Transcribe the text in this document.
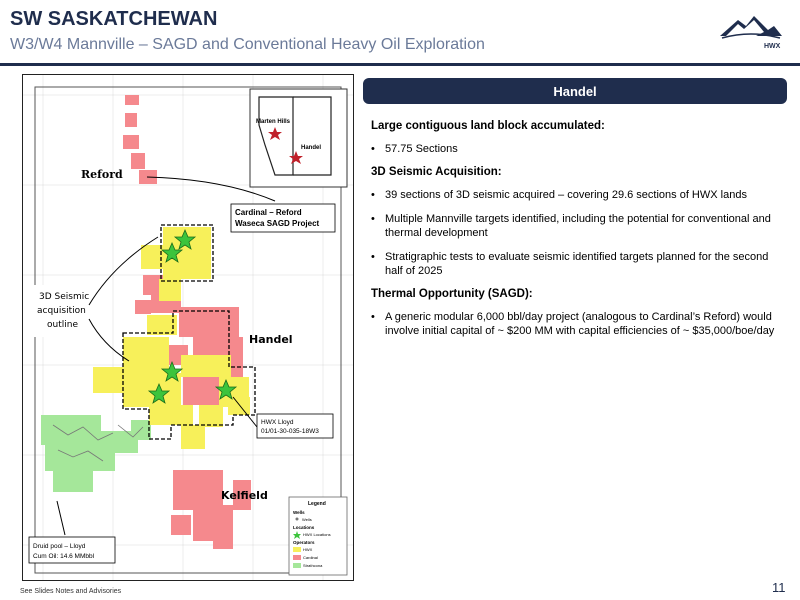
SW SASKATCHEWAN
W3/W4 Mannville – SAGD and Conventional Heavy Oil Exploration	HWX
Marten Hills
Handel
Reford
Handel
Kelfield
3D Seismic
acquisition
outline
Cardinal – Reford
Waseca SAGD Project
HWX Lloyd
01/01-30-035-18W3
Druid pool – Lloyd
Cum Oil: 14.6 MMbbl
Legend
Wells
Wells
Locations
HWX Locations
Operators
HWX
Cardinal
Strathcona
Handel
Large contiguous land block accumulated:
• 57.75 Sections
3D Seismic Acquisition:
• 39 sections of 3D seismic acquired – covering 29.6 sections of HWX lands
• Multiple Mannville targets identified, including the potential for conventional and thermal development
• Stratigraphic tests to evaluate seismic identified targets planned for the second half of 2025
Thermal Opportunity (SAGD):
• A generic modular 6,000 bbl/day project (analogous to Cardinal’s Reford) would involve initial capital of ~ $200 MM with capital efficiencies of ~ $35,000/boe/day
See Slides Notes and Advisories	11
